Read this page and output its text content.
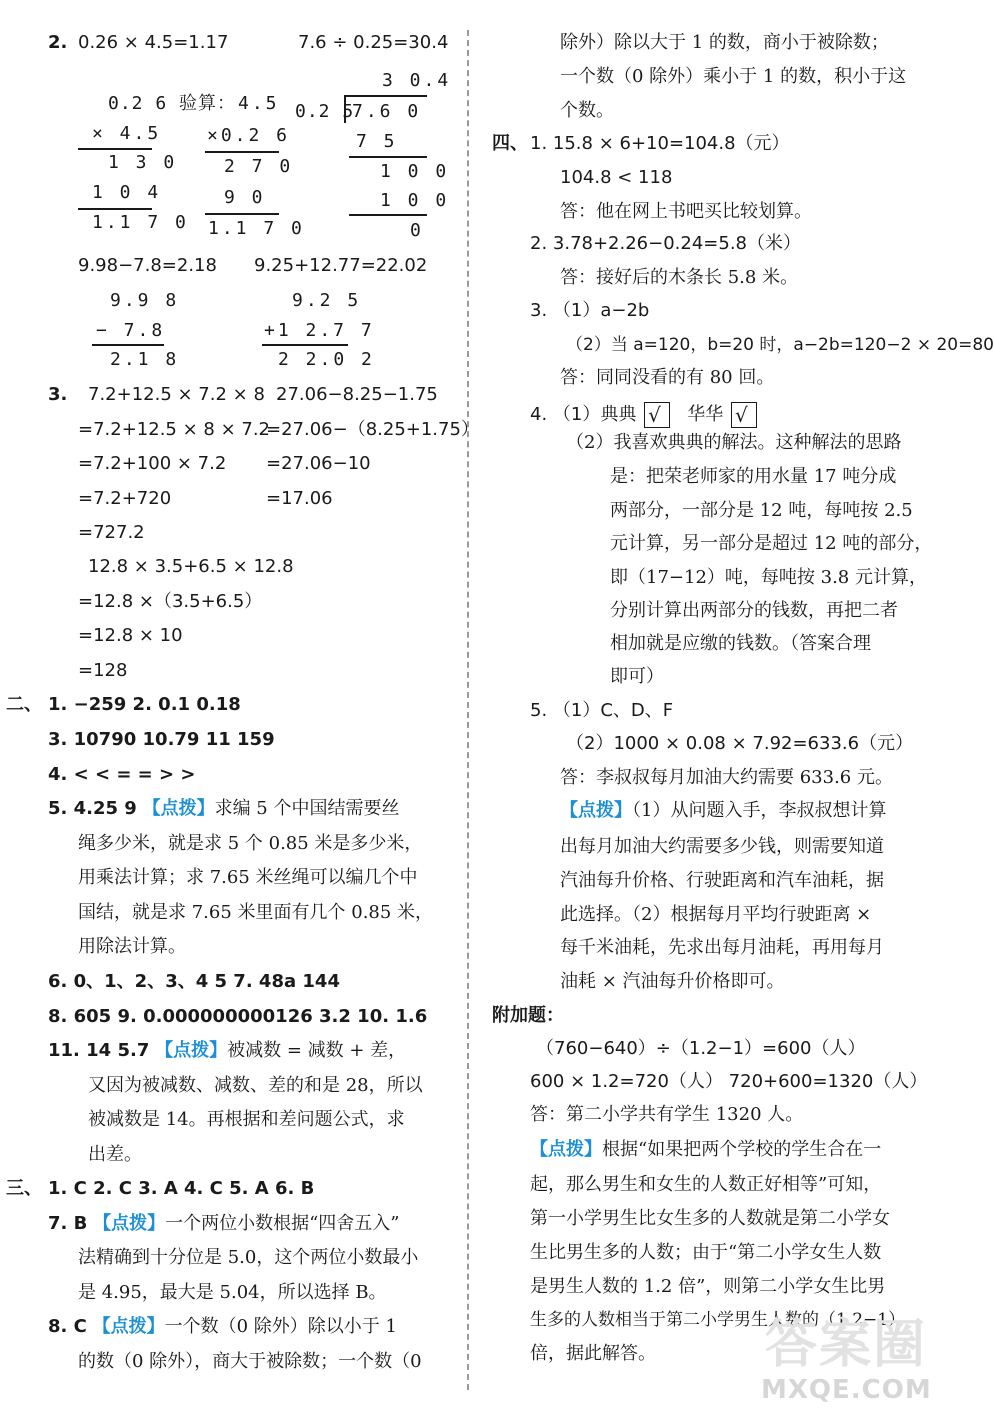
2. 0.26 × 4.5=1.17	7.6 ÷ 0.25=30.4
0.2 6 验算：
× 4.5
1 3 0
1 0 4
1.1 7 0
4.5
×0.2 6
2 7 0
9 0
1.1 7 0
3 0.4
0.2 5
7.6 0
7 5
1 0 0
1 0 0
0
9.98−7.8=2.18 9.25+12.77=22.02
9.9 8
− 7.8
2.1 8
9.2 5
+1 2.7 7
2 2.0 2
3. 7.2+12.5 × 7.2 × 8
=7.2+12.5 × 8 × 7.2
=7.2+100 × 7.2
=7.2+720
=727.2
27.06−8.25−1.75
=27.06−（8.25+1.75）
=27.06−10
=17.06
12.8 × 3.5+6.5 × 12.8
=12.8 ×（3.5+6.5）
=12.8 × 10
=128
二、 1. −259 2. 0.1 0.18
3. 10790 10.79 11 159
4. < < = = > >
5. 4.25 9 【点拨】求编 5 个中国结需要丝
绳多少米，就是求 5 个 0.85 米是多少米，
用乘法计算；求 7.65 米丝绳可以编几个中
国结，就是求 7.65 米里面有几个 0.85 米，
用除法计算。
6. 0、1、2、3、4 5 7. 48a 144
8. 605 9. 0.000000000126 3.2 10. 1.6
11. 14 5.7 【点拨】被减数 = 减数 + 差，
又因为被减数、减数、差的和是 28，所以
被减数是 14。再根据和差问题公式，求
出差。
三、 1. C 2. C 3. A 4. C 5. A 6. B
7. B 【点拨】一个两位小数根据“四舍五入”
法精确到十分位是 5.0，这个两位小数最小
是 4.95，最大是 5.04，所以选择 B。
8. C 【点拨】一个数（0 除外）除以小于 1
的数（0 除外），商大于被除数；一个数（0
除外）除以大于 1 的数，商小于被除数；
一个数（0 除外）乘小于 1 的数，积小于这
个数。
四、 1. 15.8 × 6+10=104.8（元）
104.8 < 118
答：他在网上书吧买比较划算。
2. 3.78+2.26−0.24=5.8（米）
答：接好后的木条长 5.8 米。
3. （1）a−2b
（2）当 a=120，b=20 时，a−2b=120−2 × 20=80
答：同同没看的有 80 回。
4. （1）典典 √ 华华 √
（2）我喜欢典典的解法。这种解法的思路
是：把荣老师家的用水量 17 吨分成
两部分，一部分是 12 吨，每吨按 2.5
元计算，另一部分是超过 12 吨的部分，
即（17−12）吨，每吨按 3.8 元计算，
分别计算出两部分的钱数，再把二者
相加就是应缴的钱数。（答案合理
即可）
5. （1）C、D、F
（2）1000 × 0.08 × 7.92=633.6（元）
答：李叔叔每月加油大约需要 633.6 元。
【点拨】（1）从问题入手，李叔叔想计算
出每月加油大约需要多少钱，则需要知道
汽油每升价格、行驶距离和汽车油耗，据
此选择。（2）根据每月平均行驶距离 ×
每千米油耗，先求出每月油耗，再用每月
油耗 × 汽油每升价格即可。
附加题：
（760−640）÷（1.2−1）=600（人）
600 × 1.2=720（人） 720+600=1320（人）
答：第二小学共有学生 1320 人。
【点拨】根据“如果把两个学校的学生合在一
起，那么男生和女生的人数正好相等”可知，
第一小学男生比女生多的人数就是第二小学女
生比男生多的人数；由于“第二小学女生人数
是男生人数的 1.2 倍”，则第二小学女生比男
生多的人数相当于第二小学男生人数的（1.2−1）
倍，据此解答。 答案圈
MXQE.COM
